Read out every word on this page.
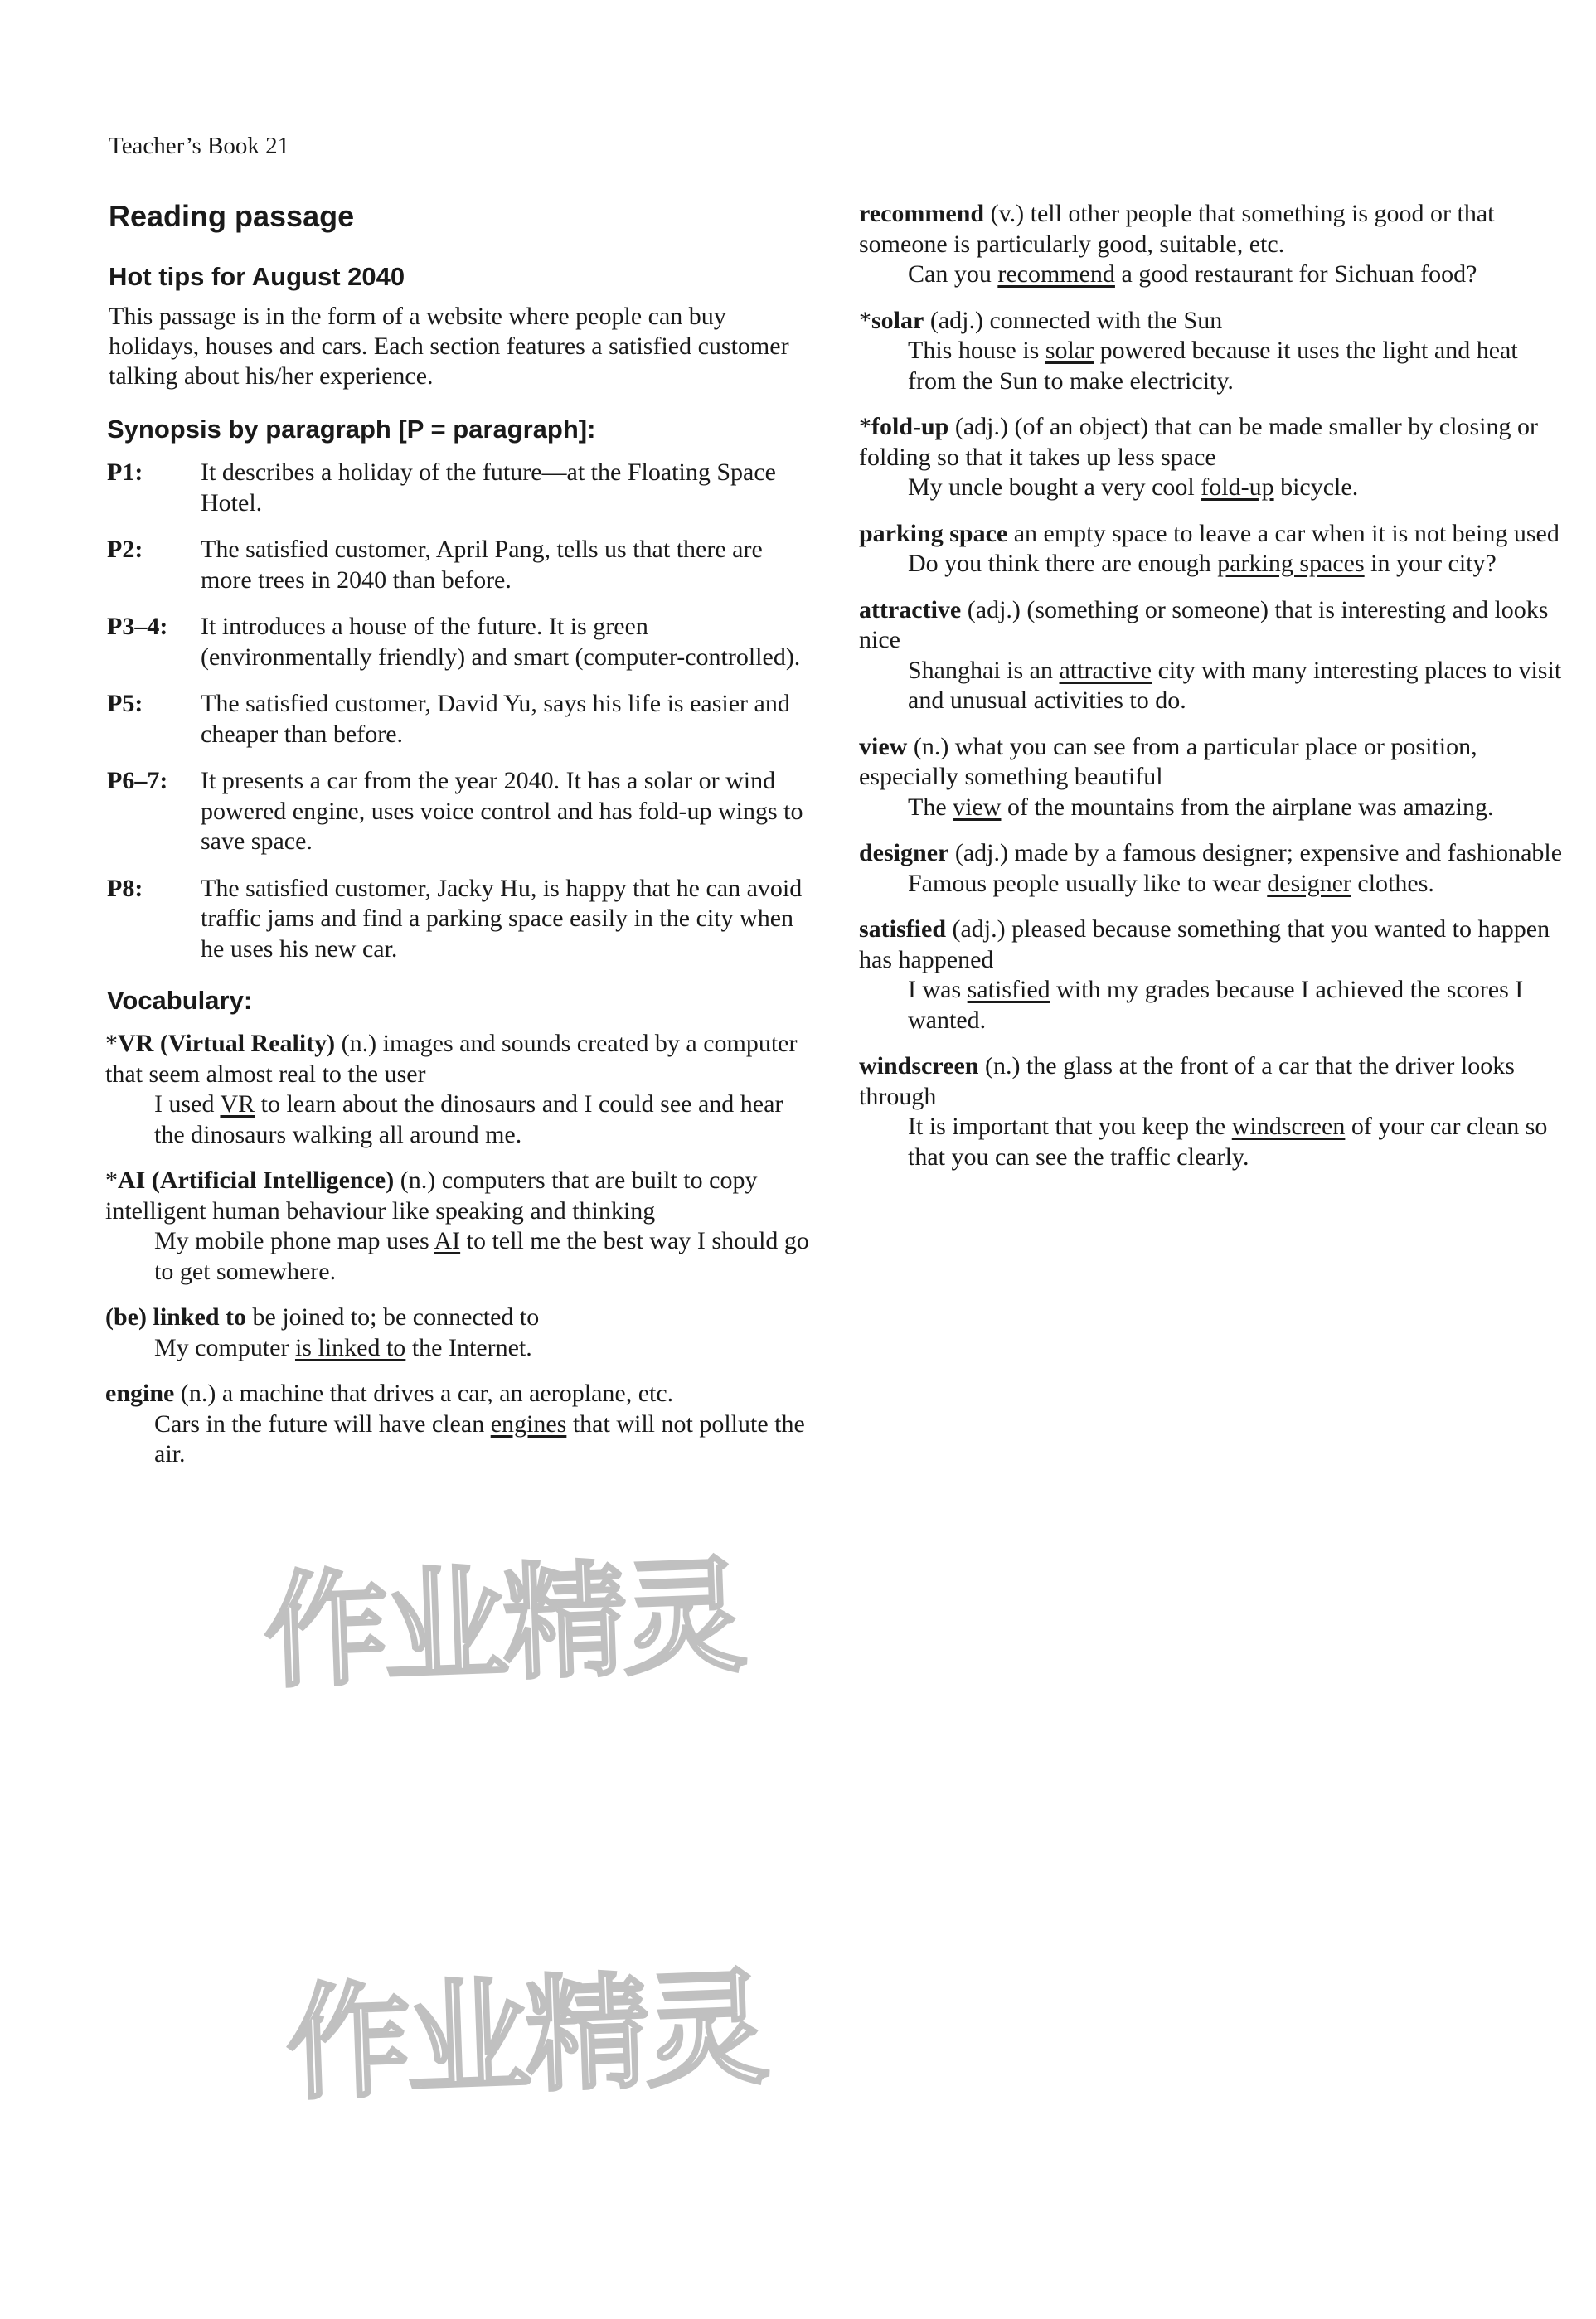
Teacher’s Book 21
Reading passage
Hot tips for August 2040

This passage is in the form of a website where people can buy holidays, houses and cars. Each section features a satisfied customer talking about his/her experience.

Synopsis by paragraph [P = paragraph]:
P1:	It describes a holiday of the future—at the Floating Space Hotel.
P2:	The satisfied customer, April Pang, tells us that there are more trees in 2040 than before.
P3–4:	It introduces a house of the future. It is green (environmentally friendly) and smart (computer-controlled).
P5:	The satisfied customer, David Yu, says his life is easier and cheaper than before.
P6–7:	It presents a car from the year 2040. It has a solar or wind powered engine, uses voice control and has fold-up wings to save space.
P8:	The satisfied customer, Jacky Hu, is happy that he can avoid traffic jams and find a parking space easily in the city when he uses his new car.
Vocabulary:
*VR (Virtual Reality) (n.) images and sounds created by a computer that seem almost real to the user
I used VR to learn about the dinosaurs and I could see and hear the dinosaurs walking all around me.
*AI (Artificial Intelligence) (n.) computers that are built to copy intelligent human behaviour like speaking and thinking
My mobile phone map uses AI to tell me the best way I should go to get somewhere.
(be) linked to be joined to; be connected to
My computer is linked to the Internet.
engine (n.) a machine that drives a car, an aeroplane, etc.
Cars in the future will have clean engines that will not pollute the air.
recommend (v.) tell other people that something is good or that someone is particularly good, suitable, etc.
Can you recommend a good restaurant for Sichuan food?
*solar (adj.) connected with the Sun
This house is solar powered because it uses the light and heat from the Sun to make electricity.
*fold-up (adj.) (of an object) that can be made smaller by closing or folding so that it takes up less space
My uncle bought a very cool fold-up bicycle.
parking space an empty space to leave a car when it is not being used
Do you think there are enough parking spaces in your city?
attractive (adj.) (something or someone) that is interesting and looks nice
Shanghai is an attractive city with many interesting places to visit and unusual activities to do.
view (n.) what you can see from a particular place or position, especially something beautiful
The view of the mountains from the airplane was amazing.
designer (adj.) made by a famous designer; expensive and fashionable
Famous people usually like to wear designer clothes.
satisfied (adj.) pleased because something that you wanted to happen has happened
I was satisfied with my grades because I achieved the scores I wanted.
windscreen (n.) the glass at the front of a car that the driver looks through
It is important that you keep the windscreen of your car clean so that you can see the traffic clearly.
作业精灵
作业精灵
